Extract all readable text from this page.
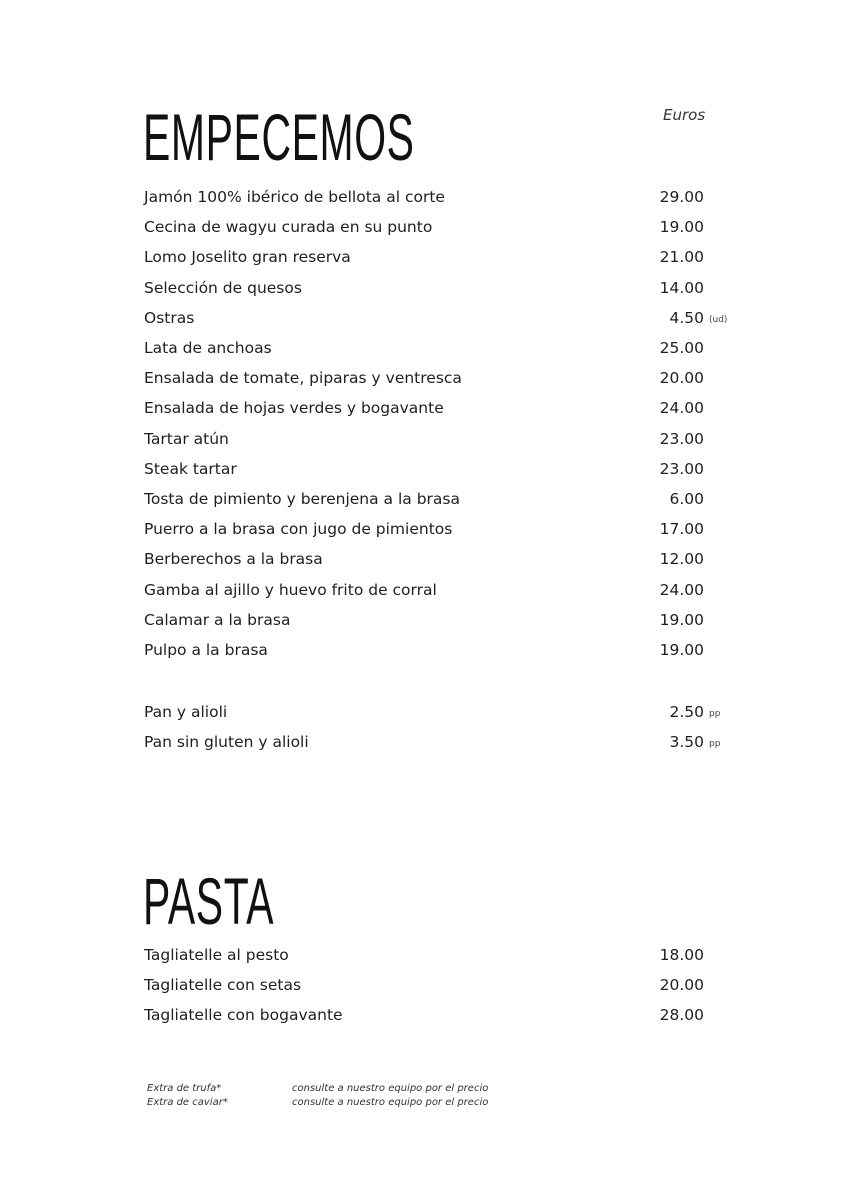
EMPECEMOS	Euros
Jamón 100% ibérico de bellota al corte	29.00
Cecina de wagyu curada en su punto	19.00
Lomo Joselito gran reserva	21.00
Selección de quesos	14.00
Ostras	4.50 (ud)
Lata de anchoas	25.00
Ensalada de tomate, piparas y ventresca	20.00
Ensalada de hojas verdes y bogavante	24.00
Tartar atún	23.00
Steak tartar	23.00
Tosta de pimiento y berenjena a la brasa	6.00
Puerro a la brasa con jugo de pimientos	17.00
Berberechos a la brasa	12.00
Gamba al ajillo y huevo frito de corral	24.00
Calamar a la brasa	19.00
Pulpo a la brasa	19.00
Pan y alioli	2.50 pp
Pan sin gluten y alioli	3.50 pp
PASTA
Tagliatelle al pesto	18.00
Tagliatelle con setas	20.00
Tagliatelle con bogavante	28.00
Extra de trufa*	consulte a nuestro equipo por el precio
Extra de caviar*	consulte a nuestro equipo por el precio
